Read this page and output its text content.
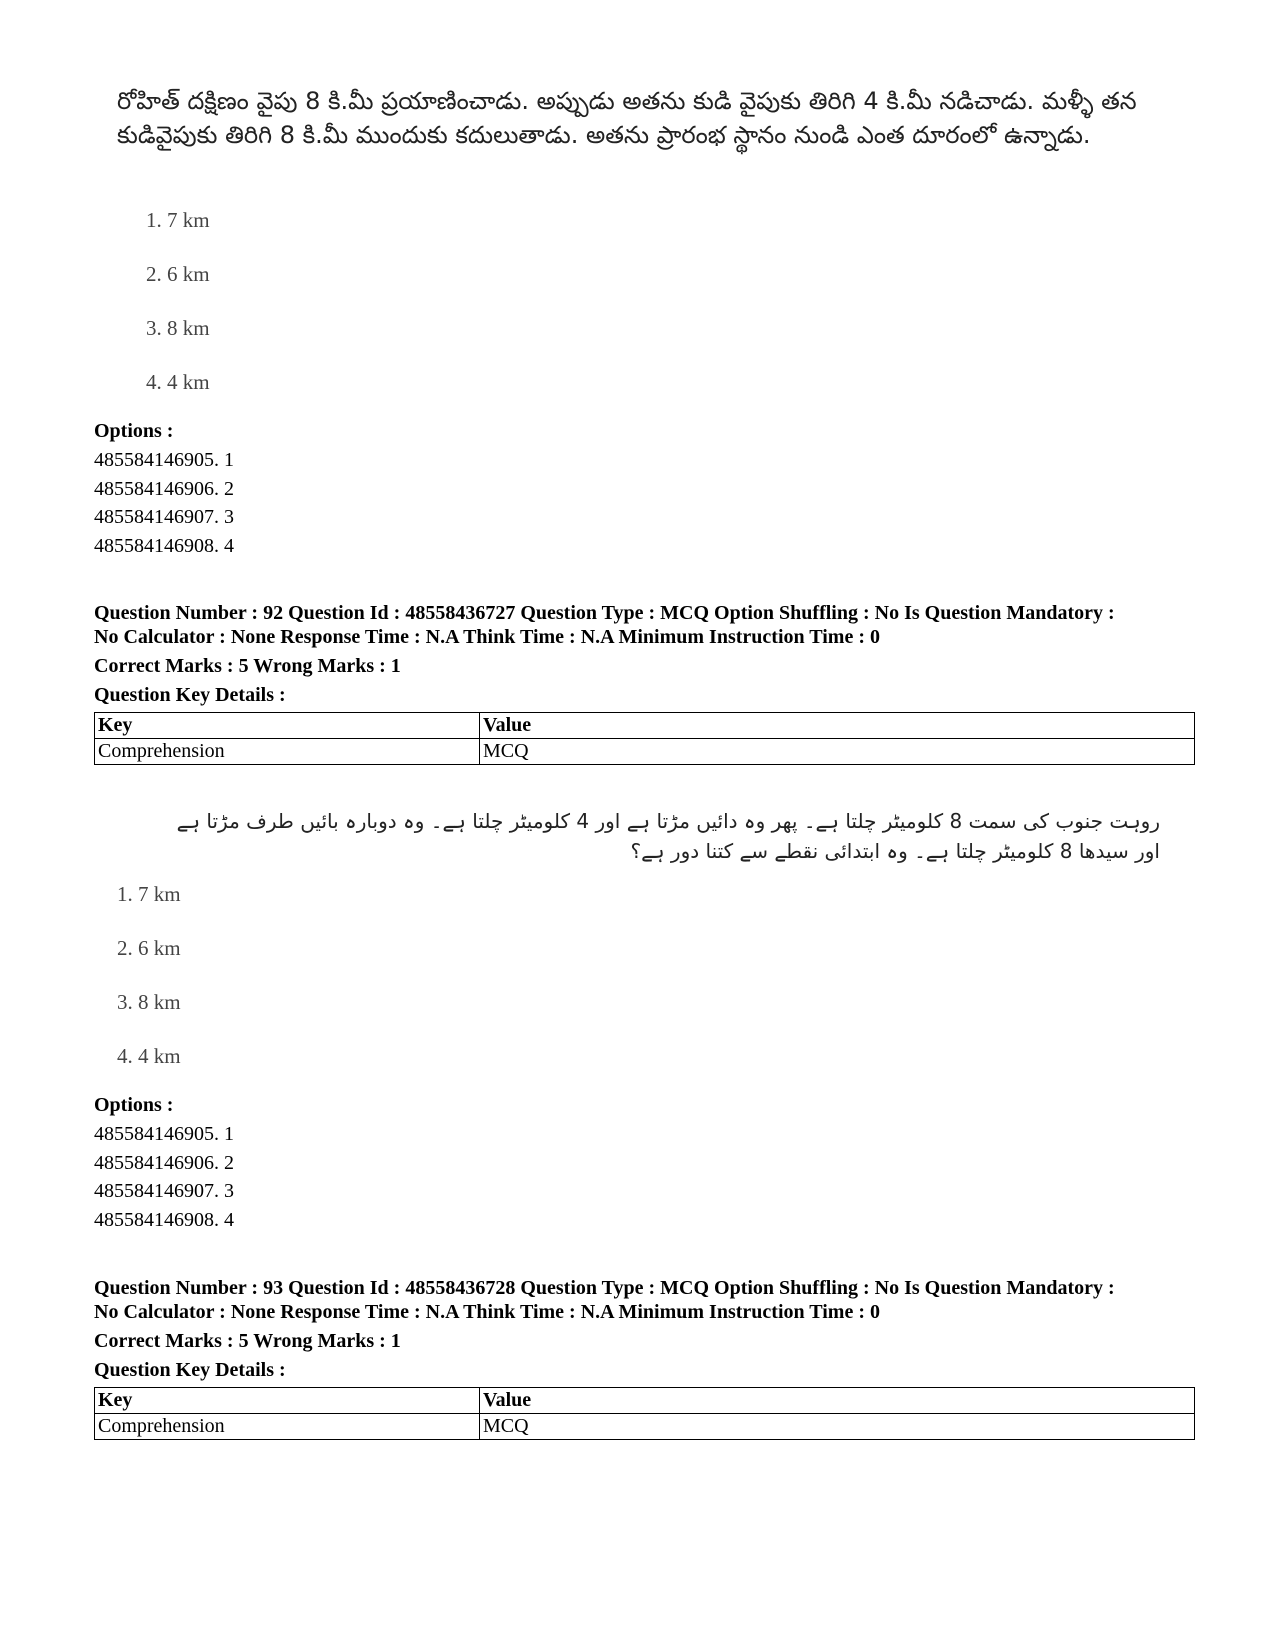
రోహిత్ దక్షిణం వైపు 8 కి.మీ ప్రయాణించాడు. అప్పుడు అతను కుడి వైపుకు తిరిగి 4 కి.మీ నడిచాడు. మళ్ళీ తన కుడివైపుకు తిరిగి 8 కి.మీ ముందుకు కదులుతాడు. అతను ప్రారంభ స్థానం నుండి ఎంత దూరంలో ఉన్నాడు.
1. 7 km
2. 6 km
3. 8 km
4. 4 km
Options :
485584146905. 1
485584146906. 2
485584146907. 3
485584146908. 4
Question Number : 92 Question Id : 48558436727 Question Type : MCQ Option Shuffling : No Is Question Mandatory :
No Calculator : None Response Time : N.A Think Time : N.A Minimum Instruction Time : 0
Correct Marks : 5 Wrong Marks : 1
Question Key Details :
Key	Value
Comprehension	MCQ
روہت جنوب کی سمت 8 کلومیٹر چلتا ہے۔ پھر وہ دائیں مڑتا ہے اور 4 کلومیٹر چلتا ہے۔ وہ دوبارہ بائیں طرف مڑتا ہے اور سیدھا 8 کلومیٹر چلتا ہے۔ وہ ابتدائی نقطے سے کتنا دور ہے؟
1. 7 km
2. 6 km
3. 8 km
4. 4 km
Options :
485584146905. 1
485584146906. 2
485584146907. 3
485584146908. 4
Question Number : 93 Question Id : 48558436728 Question Type : MCQ Option Shuffling : No Is Question Mandatory :
No Calculator : None Response Time : N.A Think Time : N.A Minimum Instruction Time : 0
Correct Marks : 5 Wrong Marks : 1
Question Key Details :
Key	Value
Comprehension	MCQ
